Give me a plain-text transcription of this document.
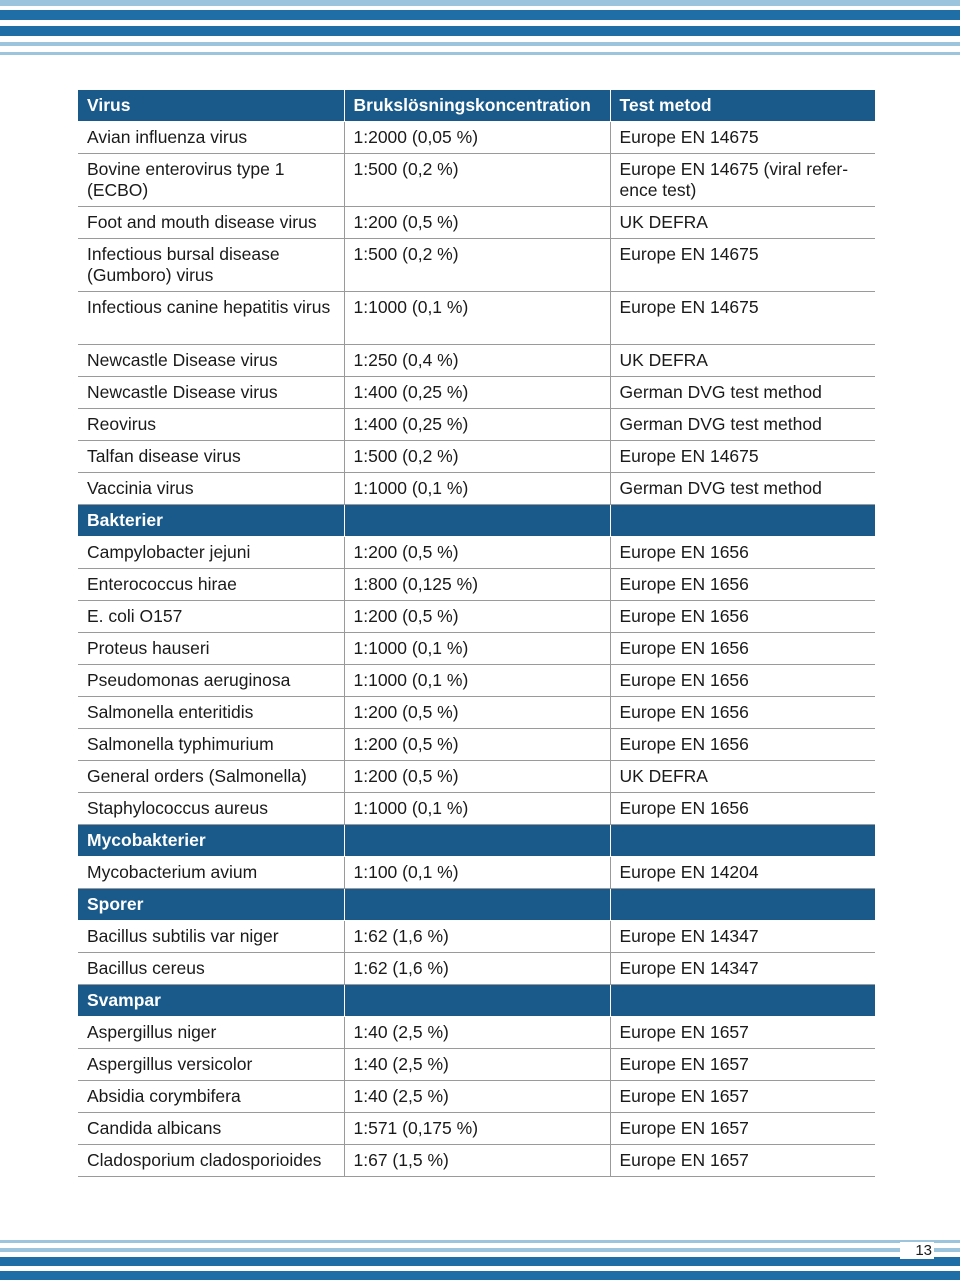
Virus	Brukslösningskoncentration	Test metod
Avian influenza virus	1:2000 (0,05 %)	Europe EN 14675
Bovine enterovirus type 1 (ECBO)	1:500 (0,2 %)	Europe EN 14675 (viral refer-ence test)
Foot and mouth disease virus	1:200 (0,5 %)	UK DEFRA
Infectious bursal disease (Gumboro) virus	1:500 (0,2 %)	Europe EN 14675
Infectious canine hepatitis virus	1:1000 (0,1 %)	Europe EN 14675
Newcastle Disease virus	1:250 (0,4 %)	UK DEFRA
Newcastle Disease virus	1:400 (0,25 %)	German DVG test method
Reovirus	1:400 (0,25 %)	German DVG test method
Talfan disease virus	1:500 (0,2 %)	Europe EN 14675
Vaccinia virus	1:1000 (0,1 %)	German DVG test method
Bakterier		
Campylobacter jejuni	1:200 (0,5 %)	Europe EN 1656
Enterococcus hirae	1:800 (0,125 %)	Europe EN 1656
E. coli O157	1:200 (0,5 %)	Europe EN 1656
Proteus hauseri	1:1000 (0,1 %)	Europe EN 1656
Pseudomonas aeruginosa	1:1000 (0,1 %)	Europe EN 1656
Salmonella enteritidis	1:200 (0,5 %)	Europe EN 1656
Salmonella typhimurium	1:200 (0,5 %)	Europe EN 1656
General orders (Salmonella)	1:200 (0,5 %)	UK DEFRA
Staphylococcus aureus	1:1000 (0,1 %)	Europe EN 1656
Mycobakterier		
Mycobacterium avium	1:100 (0,1 %)	Europe EN 14204
Sporer		
Bacillus subtilis var niger	1:62 (1,6 %)	Europe EN 14347
Bacillus cereus	1:62 (1,6 %)	Europe EN 14347
Svampar		
Aspergillus niger	1:40 (2,5 %)	Europe EN 1657
Aspergillus versicolor	1:40 (2,5 %)	Europe EN 1657
Absidia corymbifera	1:40 (2,5 %)	Europe EN 1657
Candida albicans	1:571 (0,175 %)	Europe EN 1657
Cladosporium cladosporioides	1:67 (1,5 %)	Europe EN 1657
13
